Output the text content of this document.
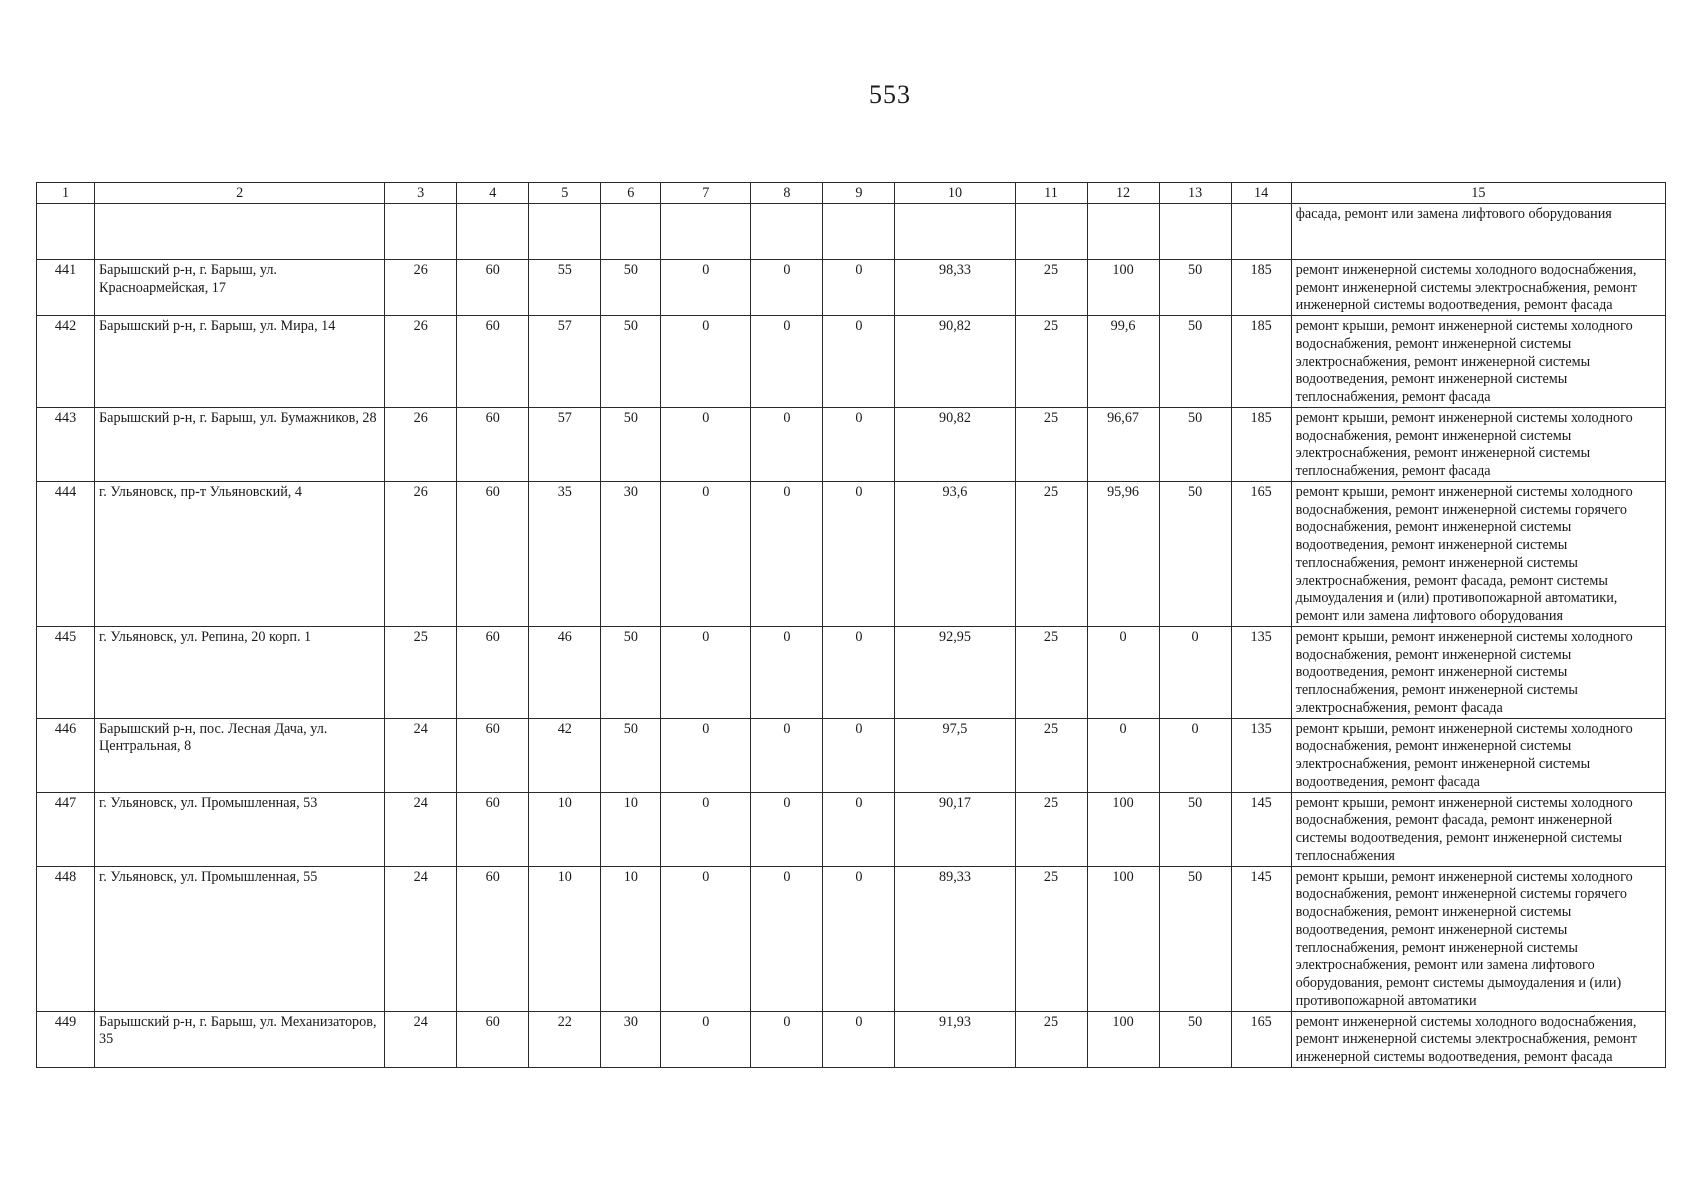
553
1	2	3	4	5	6	7	8	9	10	11	12	13	14	15
														фасада, ремонт или замена лифтового оборудования
441	Барышский р-н, г. Барыш, ул. Красноармейская, 17	26	60	55	50	0	0	0	98,33	25	100	50	185	ремонт инженерной системы холодного водоснабжения, ремонт инженерной системы электроснабжения, ремонт инженерной системы водоотведения, ремонт фасада
442	Барышский р-н, г. Барыш, ул. Мира, 14	26	60	57	50	0	0	0	90,82	25	99,6	50	185	ремонт крыши, ремонт инженерной системы холодного водоснабжения, ремонт инженерной системы электроснабжения, ремонт инженерной системы водоотведения, ремонт инженерной системы теплоснабжения, ремонт фасада
443	Барышский р-н, г. Барыш, ул. Бумажников, 28	26	60	57	50	0	0	0	90,82	25	96,67	50	185	ремонт крыши, ремонт инженерной системы холодного водоснабжения, ремонт инженерной системы электроснабжения, ремонт инженерной системы теплоснабжения, ремонт фасада
444	г. Ульяновск, пр-т Ульяновский, 4	26	60	35	30	0	0	0	93,6	25	95,96	50	165	ремонт крыши, ремонт инженерной системы холодного водоснабжения, ремонт инженерной системы горячего водоснабжения, ремонт инженерной системы водоотведения, ремонт инженерной системы теплоснабжения, ремонт инженерной системы электроснабжения, ремонт фасада, ремонт системы дымоудаления и (или) противопожарной автоматики, ремонт или замена лифтового оборудования
445	г. Ульяновск, ул. Репина, 20 корп. 1	25	60	46	50	0	0	0	92,95	25	0	0	135	ремонт крыши, ремонт инженерной системы холодного водоснабжения, ремонт инженерной системы водоотведения, ремонт инженерной системы теплоснабжения, ремонт инженерной системы электроснабжения, ремонт фасада
446	Барышский р-н, пос. Лесная Дача, ул. Центральная, 8	24	60	42	50	0	0	0	97,5	25	0	0	135	ремонт крыши, ремонт инженерной системы холодного водоснабжения, ремонт инженерной системы электроснабжения, ремонт инженерной системы водоотведения, ремонт фасада
447	г. Ульяновск, ул. Промышленная, 53	24	60	10	10	0	0	0	90,17	25	100	50	145	ремонт крыши, ремонт инженерной системы холодного водоснабжения, ремонт фасада, ремонт инженерной системы водоотведения, ремонт инженерной системы теплоснабжения
448	г. Ульяновск, ул. Промышленная, 55	24	60	10	10	0	0	0	89,33	25	100	50	145	ремонт крыши, ремонт инженерной системы холодного водоснабжения, ремонт инженерной системы горячего водоснабжения, ремонт инженерной системы водоотведения, ремонт инженерной системы теплоснабжения, ремонт инженерной системы электроснабжения, ремонт или замена лифтового оборудования, ремонт системы дымоудаления и (или) противопожарной автоматики
449	Барышский р-н, г. Барыш, ул. Механизаторов, 35	24	60	22	30	0	0	0	91,93	25	100	50	165	ремонт инженерной системы холодного водоснабжения, ремонт инженерной системы электроснабжения, ремонт инженерной системы водоотведения, ремонт фасада
